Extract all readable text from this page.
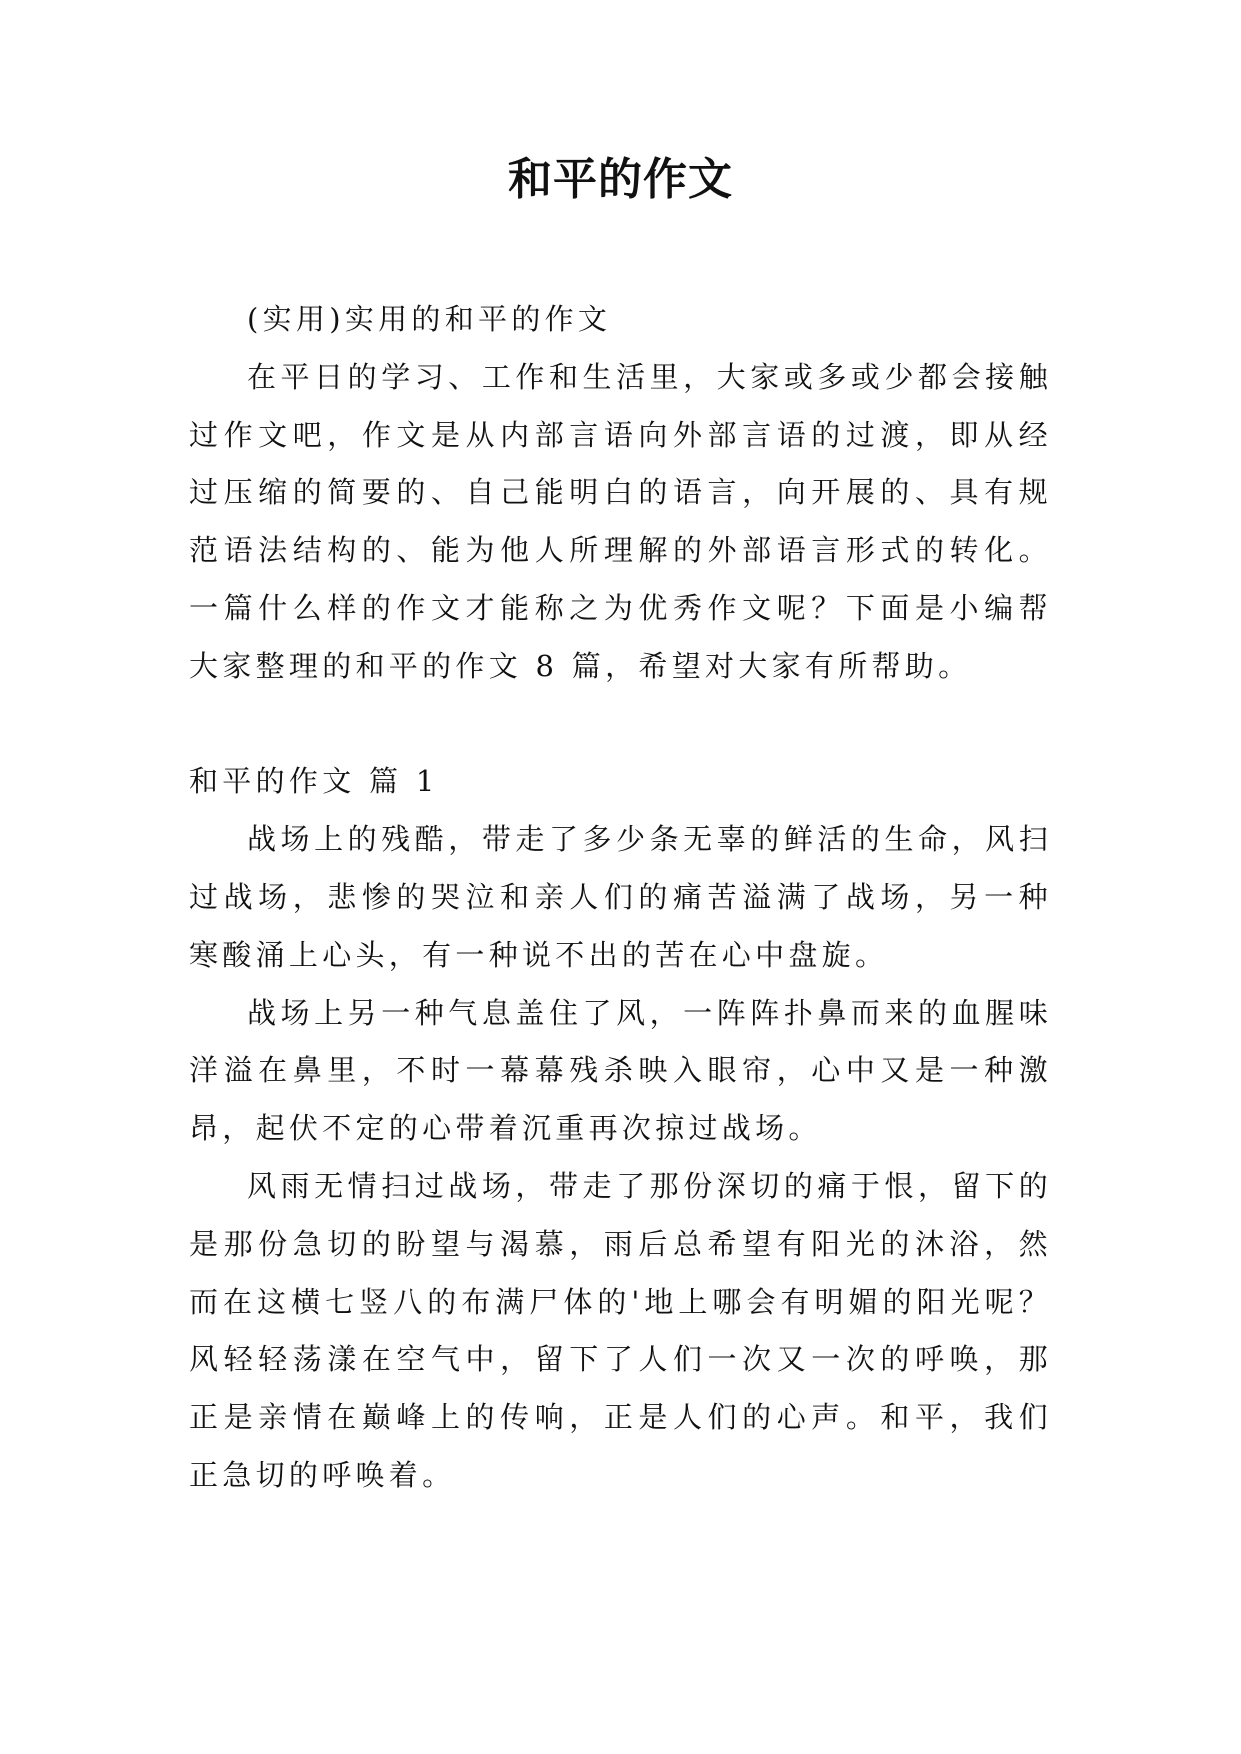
和平的作文

(实用)实用的和平的作文

在平日的学习、工作和生活里，大家或多或少都会接触过作文吧，作文是从内部言语向外部言语的过渡，即从经过压缩的简要的、自己能明白的语言，向开展的、具有规范语法结构的、能为他人所理解的外部语言形式的转化。一篇什么样的作文才能称之为优秀作文呢？下面是小编帮大家整理的和平的作文 8 篇，希望对大家有所帮助。

和平的作文 篇 1

战场上的残酷，带走了多少条无辜的鲜活的生命，风扫过战场，悲惨的哭泣和亲人们的痛苦溢满了战场，另一种寒酸涌上心头，有一种说不出的苦在心中盘旋。

战场上另一种气息盖住了风，一阵阵扑鼻而来的血腥味洋溢在鼻里，不时一幕幕残杀映入眼帘，心中又是一种激昂，起伏不定的心带着沉重再次掠过战场。

风雨无情扫过战场，带走了那份深切的痛于恨，留下的是那份急切的盼望与渴慕，雨后总希望有阳光的沐浴，然而在这横七竖八的布满尸体的'地上哪会有明媚的阳光呢？风轻轻荡漾在空气中，留下了人们一次又一次的呼唤，那正是亲情在巅峰上的传响，正是人们的心声。和平，我们正急切的呼唤着。
